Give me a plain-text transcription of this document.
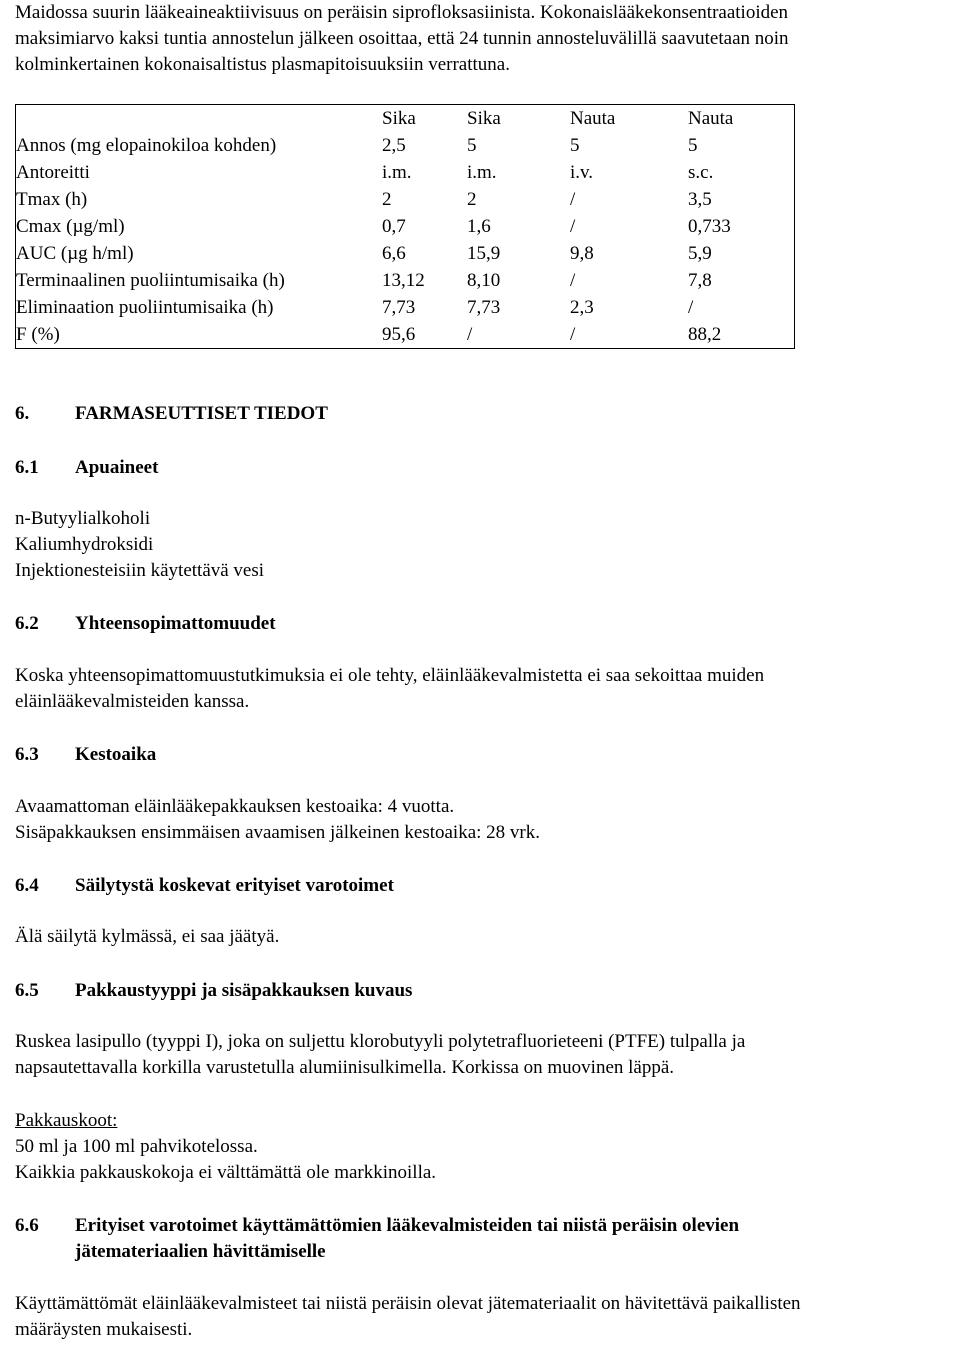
Maidossa suurin lääkeaineaktiivisuus on peräisin siprofloksasiinista. Kokonaislääkekonsentraatioiden

maksimiarvo kaksi tuntia annostelun jälkeen osoittaa, että 24 tunnin annosteluvälillä saavutetaan noin

kolminkertainen kokonaisaltistus plasmapitoisuuksiin verrattuna.

	Sika	Sika	Nauta	Nauta
Annos (mg elopainokiloa kohden)	2,5	5	5	5
Antoreitti	i.m.	i.m.	i.v.	s.c.
Tmax (h)	2	2	/	3,5
Cmax (µg/ml)	0,7	1,6	/	0,733
AUC (µg h/ml)	6,6	15,9	9,8	5,9
Terminaalinen puoliintumisaika (h)	13,12	8,10	/	7,8
Eliminaation puoliintumisaika (h)	7,73	7,73	2,3	/
F (%)	95,6	/	/	88,2
6. FARMASEUTTISET TIEDOT
6.1 Apuaineet

n-Butyylialkoholi

Kaliumhydroksidi

Injektionesteisiin käytettävä vesi

6.2 Yhteensopimattomuudet

Koska yhteensopimattomuustutkimuksia ei ole tehty, eläinlääkevalmistetta ei saa sekoittaa muiden

eläinlääkevalmisteiden kanssa.

6.3 Kestoaika

Avaamattoman eläinlääkepakkauksen kestoaika: 4 vuotta.

Sisäpakkauksen ensimmäisen avaamisen jälkeinen kestoaika: 28 vrk.

6.4 Säilytystä koskevat erityiset varotoimet

Älä säilytä kylmässä, ei saa jäätyä.

6.5 Pakkaustyyppi ja sisäpakkauksen kuvaus

Ruskea lasipullo (tyyppi I), joka on suljettu klorobutyyli polytetrafluorieteeni (PTFE) tulpalla ja

napsautettavalla korkilla varustetulla alumiinisulkimella. Korkissa on muovinen läppä.

Pakkauskoot:

50 ml ja 100 ml pahvikotelossa.

Kaikkia pakkauskokoja ei välttämättä ole markkinoilla.

6.6 Erityiset varotoimet käyttämättömien lääkevalmisteiden tai niistä peräisin olevien
jätemateriaalien hävittämiselle

Käyttämättömät eläinlääkevalmisteet tai niistä peräisin olevat jätemateriaalit on hävitettävä paikallisten

määräysten mukaisesti.
